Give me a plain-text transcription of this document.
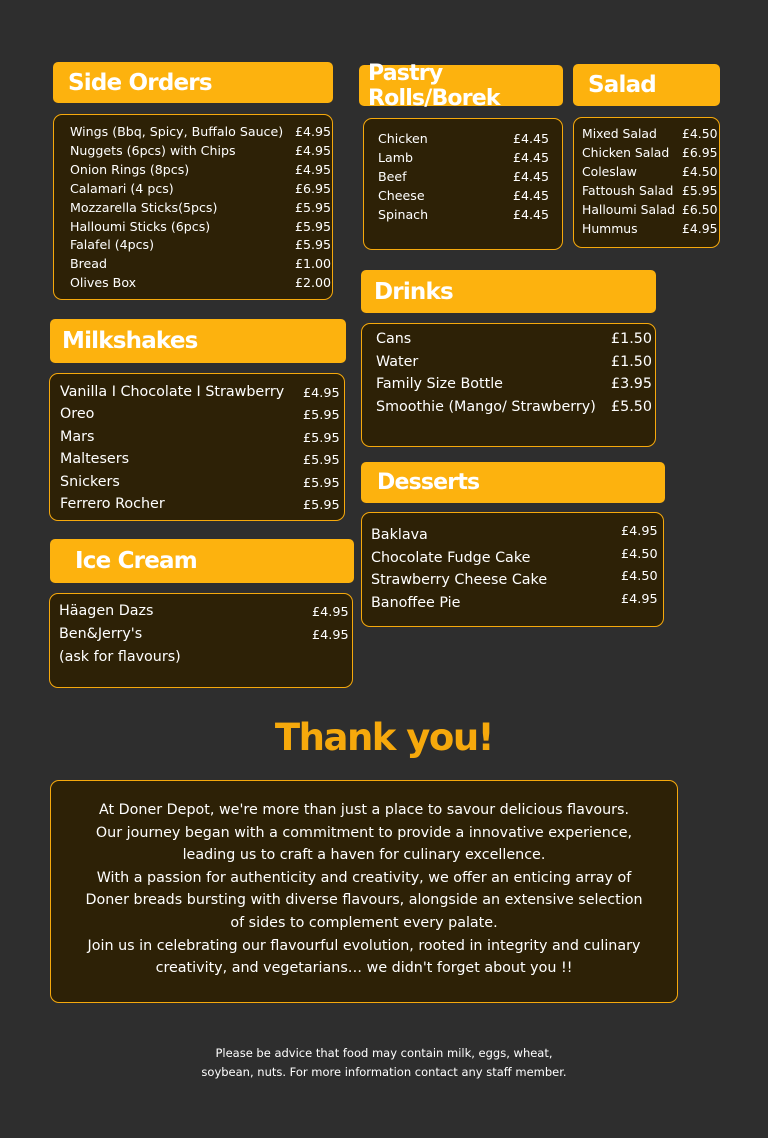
Side Orders
Wings (Bbq, Spicy, Buffalo Sauce) £4.95
Nuggets (6pcs) with Chips	£4.95
Onion Rings (8pcs)	£4.95
Calamari (4 pcs)	£6.95
Mozzarella Sticks(5pcs)	£5.95
Halloumi Sticks (6pcs)	£5.95
Falafel (4pcs)	£5.95
Bread	£1.00
Olives Box	£2.00
Pastry Rolls/Borek
Chicken	£4.45
Lamb	£4.45
Beef	£4.45
Cheese	£4.45
Spinach	£4.45
Salad
Mixed Salad £4.50
Chicken Salad £6.95
Coleslaw	£4.50
Fattoush Salad £5.95
Halloumi Salad £6.50
Hummus	£4.95
Milkshakes
Vanilla I Chocolate I Strawberry £4.95
Oreo	£5.95
Mars	£5.95
Maltesers	£5.95
Snickers	£5.95
Ferrero Rocher	£5.95
Drinks
Cans	£1.50
Water	£1.50
Family Size Bottle	£3.95
Smoothie (Mango/ Strawberry) £5.50
Desserts
Baklava	£4.95
Chocolate Fudge Cake	£4.50
Strawberry Cheese Cake	£4.50
Banoffee Pie	£4.95
Ice Cream
Häagen Dazs	£4.95
Ben&Jerry's	£4.95
(ask for flavours)
Thank you!

At Doner Depot, we're more than just a place to savour delicious flavours.

Our journey began with a commitment to provide a innovative experience,

leading us to craft a haven for culinary excellence.

With a passion for authenticity and creativity, we offer an enticing array of

Doner breads bursting with diverse flavours, alongside an extensive selection

of sides to complement every palate.

Join us in celebrating our flavourful evolution, rooted in integrity and culinary

creativity, and vegetarians… we didn't forget about you !!

Please be advice that food may contain milk, eggs, wheat,

soybean, nuts. For more information contact any staff member.
